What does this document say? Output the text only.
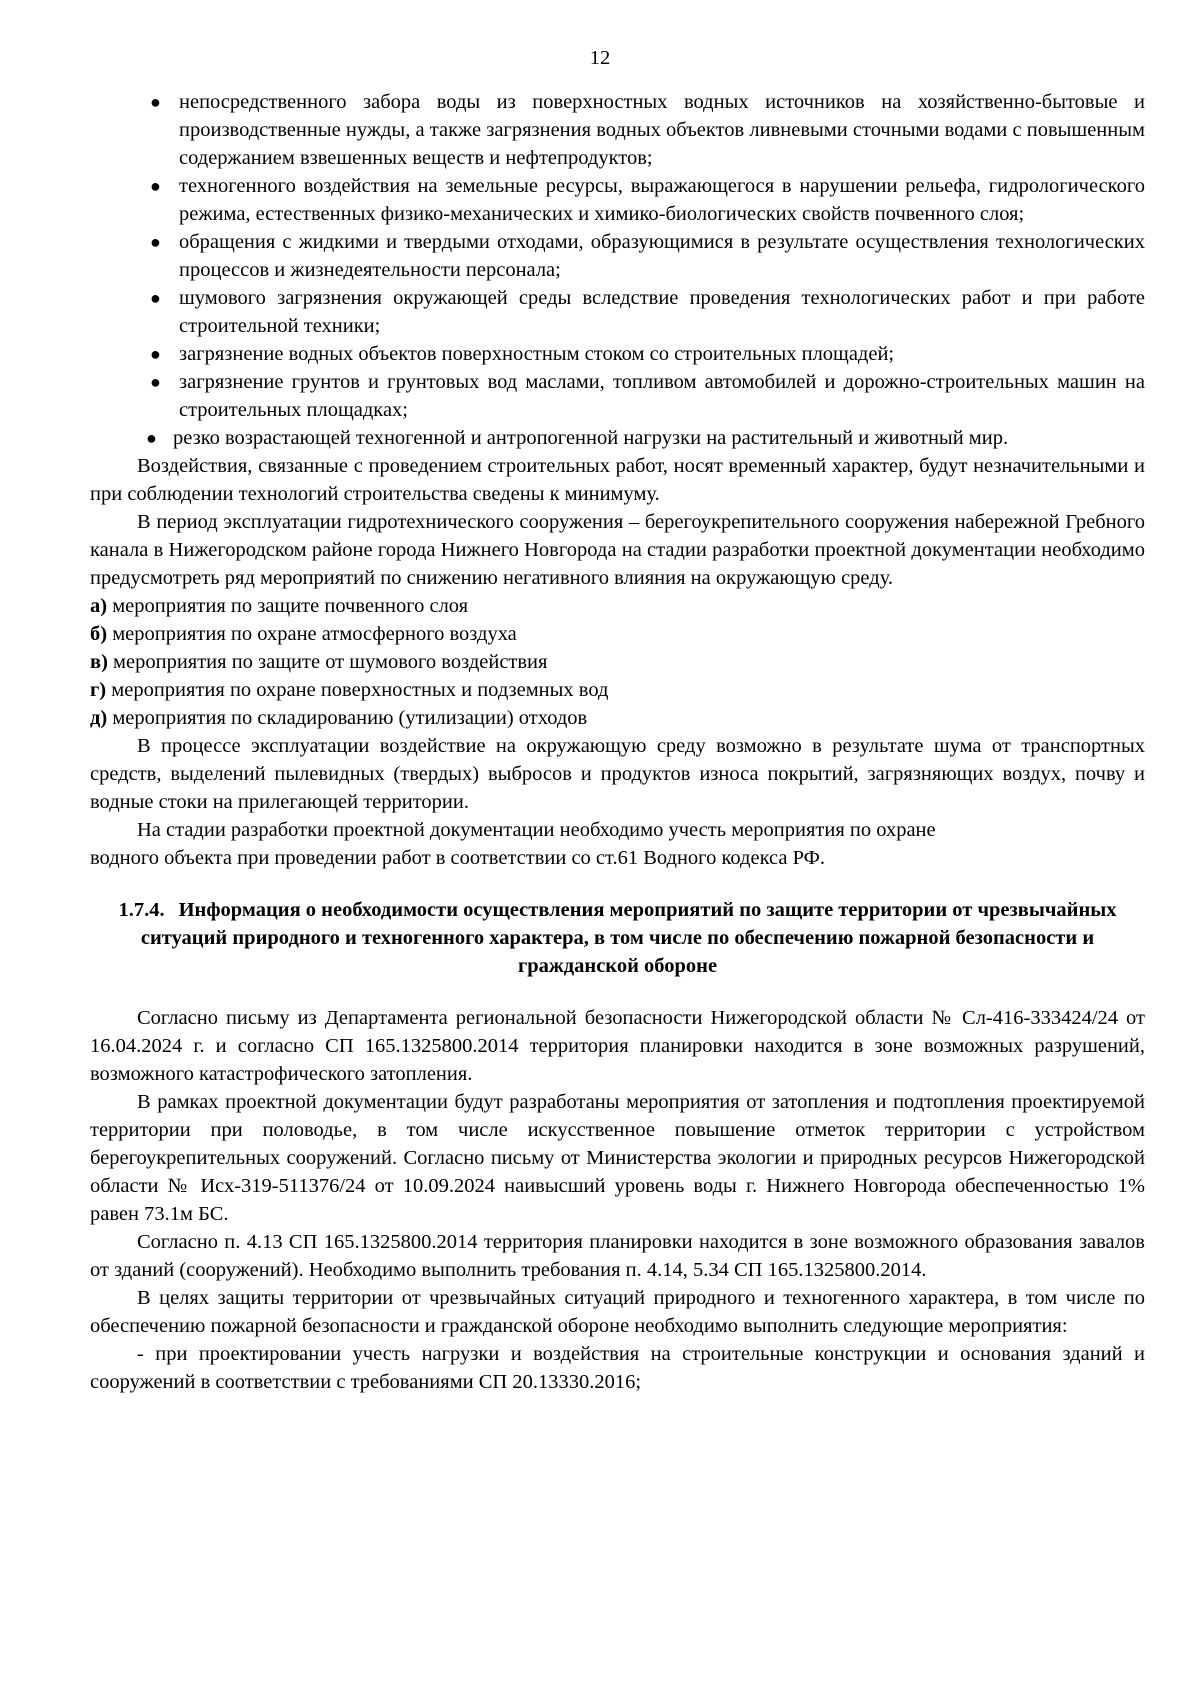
12
● непосредственного забора воды из поверхностных водных источников на хозяйственно-бытовые и производственные нужды, а также загрязнения водных объектов ливневыми сточными водами с повышенным содержанием взвешенных веществ и нефтепродуктов;
● техногенного воздействия на земельные ресурсы, выражающегося в нарушении рельефа, гидрологического режима, естественных физико-механических и химико-биологических свойств почвенного слоя;
● обращения с жидкими и твердыми отходами, образующимися в результате осуществления технологических процессов и жизнедеятельности персонала;
● шумового загрязнения окружающей среды вследствие проведения технологических работ и при работе строительной техники;
● загрязнение водных объектов поверхностным стоком со строительных площадей;
● загрязнение грунтов и грунтовых вод маслами, топливом автомобилей и дорожно-строительных машин на строительных площадках;
● резко возрастающей техногенной и антропогенной нагрузки на растительный и животный мир.

Воздействия, связанные с проведением строительных работ, носят временный характер, будут незначительными и при соблюдении технологий строительства сведены к минимуму.

В период эксплуатации гидротехнического сооружения – берегоукрепительного сооружения набережной Гребного канала в Нижегородском районе города Нижнего Новгорода на стадии разработки проектной документации необходимо предусмотреть ряд мероприятий по снижению негативного влияния на окружающую среду.

а) мероприятия по защите почвенного слоя

б) мероприятия по охране атмосферного воздуха

в) мероприятия по защите от шумового воздействия

г) мероприятия по охране поверхностных и подземных вод

д) мероприятия по складированию (утилизации) отходов

В процессе эксплуатации воздействие на окружающую среду возможно в результате шума от транспортных средств, выделений пылевидных (твердых) выбросов и продуктов износа покрытий, загрязняющих воздух, почву и водные стоки на прилегающей территории.

На стадии разработки проектной документации необходимо учесть мероприятия по охране водного объекта при проведении работ в соответствии со ст.61 Водного кодекса РФ.

1.7.4. Информация о необходимости осуществления мероприятий по защите территории от чрезвычайных ситуаций природного и техногенного характера, в том числе по обеспечению пожарной безопасности и гражданской обороне

Согласно письму из Департамента региональной безопасности Нижегородской области № Сл-416-333424/24 от 16.04.2024 г. и согласно СП 165.1325800.2014 территория планировки находится в зоне возможных разрушений, возможного катастрофического затопления.

В рамках проектной документации будут разработаны мероприятия от затопления и подтопления проектируемой территории при половодье, в том числе искусственное повышение отметок территории с устройством берегоукрепительных сооружений. Согласно письму от Министерства экологии и природных ресурсов Нижегородской области № Исх-319-511376/24 от 10.09.2024 наивысший уровень воды г. Нижнего Новгорода обеспеченностью 1% равен 73.1м БС.

Согласно п. 4.13 СП 165.1325800.2014 территория планировки находится в зоне возможного образования завалов от зданий (сооружений). Необходимо выполнить требования п. 4.14, 5.34 СП 165.1325800.2014.

В целях защиты территории от чрезвычайных ситуаций природного и техногенного характера, в том числе по обеспечению пожарной безопасности и гражданской обороне необходимо выполнить следующие мероприятия:

- при проектировании учесть нагрузки и воздействия на строительные конструкции и основания зданий и сооружений в соответствии с требованиями СП 20.13330.2016;
